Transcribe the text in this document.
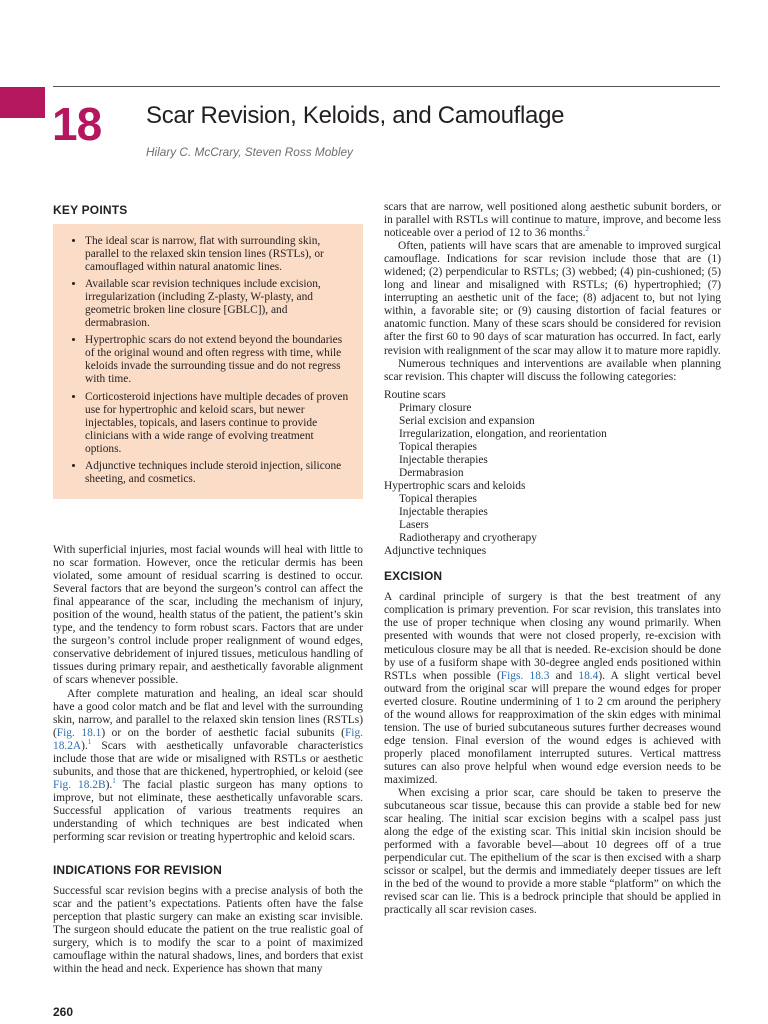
18 Scar Revision, Keloids, and Camouflage
Hilary C. McCrary, Steven Ross Mobley
KEY POINTS
• The ideal scar is narrow, flat with surrounding skin, parallel to the relaxed skin tension lines (RSTLs), or camouflaged within natural anatomic lines.
• Available scar revision techniques include excision, irregularization (including Z-plasty, W-plasty, and geometric broken line closure [GBLC]), and dermabrasion.
• Hypertrophic scars do not extend beyond the boundaries of the original wound and often regress with time, while keloids invade the surrounding tissue and do not regress with time.
• Corticosteroid injections have multiple decades of proven use for hypertrophic and keloid scars, but newer injectables, topicals, and lasers continue to provide clinicians with a wide range of evolving treatment options.
• Adjunctive techniques include steroid injection, silicone sheeting, and cosmetics.

With superficial injuries, most facial wounds will heal with little to no scar formation. However, once the reticular dermis has been violated, some amount of residual scarring is destined to occur. Several factors that are beyond the surgeon’s control can affect the final appearance of the scar, including the mechanism of injury, position of the wound, health status of the patient, the patient’s skin type, and the tendency to form robust scars. Factors that are under the surgeon’s control include proper realignment of wound edges, conservative debridement of injured tissues, meticulous handling of tissues during primary repair, and aesthetically favorable alignment of scars whenever possible.

After complete maturation and healing, an ideal scar should have a good color match and be flat and level with the surrounding skin, narrow, and parallel to the relaxed skin tension lines (RSTLs) (Fig. 18.1) or on the border of aesthetic facial subunits (Fig. 18.2A).$^1$ Scars with aesthetically unfavorable characteristics include those that are wide or misaligned with RSTLs or aesthetic subunits, and those that are thickened, hypertrophied, or keloid (see Fig. 18.2B).$^1$ The facial plastic surgeon has many options to improve, but not eliminate, these aesthetically unfavorable scars. Successful application of various treatments requires an understanding of which techniques are best indicated when performing scar revision or treating hypertrophic and keloid scars.

INDICATIONS FOR REVISION

Successful scar revision begins with a precise analysis of both the scar and the patient’s expectations. Patients often have the false perception that plastic surgery can make an existing scar invisible. The surgeon should educate the patient on the true realistic goal of surgery, which is to modify the scar to a point of maximized camouflage within the natural shadows, lines, and borders that exist within the head and neck. Experience has shown that many

scars that are narrow, well positioned along aesthetic subunit borders, or in parallel with RSTLs will continue to mature, improve, and become less noticeable over a period of 12 to 36 months.$^2$

Often, patients will have scars that are amenable to improved surgical camouflage. Indications for scar revision include those that are (1) widened; (2) perpendicular to RSTLs; (3) webbed; (4) pin-cushioned; (5) long and linear and misaligned with RSTLs; (6) hypertrophied; (7) interrupting an aesthetic unit of the face; (8) adjacent to, but not lying within, a favorable site; or (9) causing distortion of facial features or anatomic function. Many of these scars should be considered for revision after the first 60 to 90 days of scar maturation has occurred. In fact, early revision with realignment of the scar may allow it to mature more rapidly.

Numerous techniques and interventions are available when planning scar revision. This chapter will discuss the following categories:

Routine scars
Primary closure
Serial excision and expansion
Irregularization, elongation, and reorientation
Topical therapies
Injectable therapies
Dermabrasion
Hypertrophic scars and keloids
Topical therapies
Injectable therapies
Lasers
Radiotherapy and cryotherapy
Adjunctive techniques
EXCISION

A cardinal principle of surgery is that the best treatment of any complication is primary prevention. For scar revision, this translates into the use of proper technique when closing any wound primarily. When presented with wounds that were not closed properly, re-excision with meticulous closure may be all that is needed. Re-excision should be done by use of a fusiform shape with 30-degree angled ends positioned within RSTLs when possible (Figs. 18.3 and 18.4). A slight vertical bevel outward from the original scar will prepare the wound edges for proper everted closure. Routine undermining of 1 to 2 cm around the periphery of the wound allows for reapproximation of the skin edges with minimal tension. The use of buried subcutaneous sutures further decreases wound edge tension. Final eversion of the wound edges is achieved with properly placed monofilament interrupted sutures. Vertical mattress sutures can also prove helpful when wound edge eversion needs to be maximized.

When excising a prior scar, care should be taken to preserve the subcutaneous scar tissue, because this can provide a stable bed for new scar healing. The initial scar excision begins with a scalpel pass just along the edge of the existing scar. This initial skin incision should be performed with a favorable bevel—about 10 degrees off of a true perpendicular cut. The epithelium of the scar is then excised with a sharp scissor or scalpel, but the dermis and immediately deeper tissues are left in the bed of the wound to provide a more stable “platform” on which the revised scar can lie. This is a bedrock principle that should be applied in practically all scar revision cases.

260
